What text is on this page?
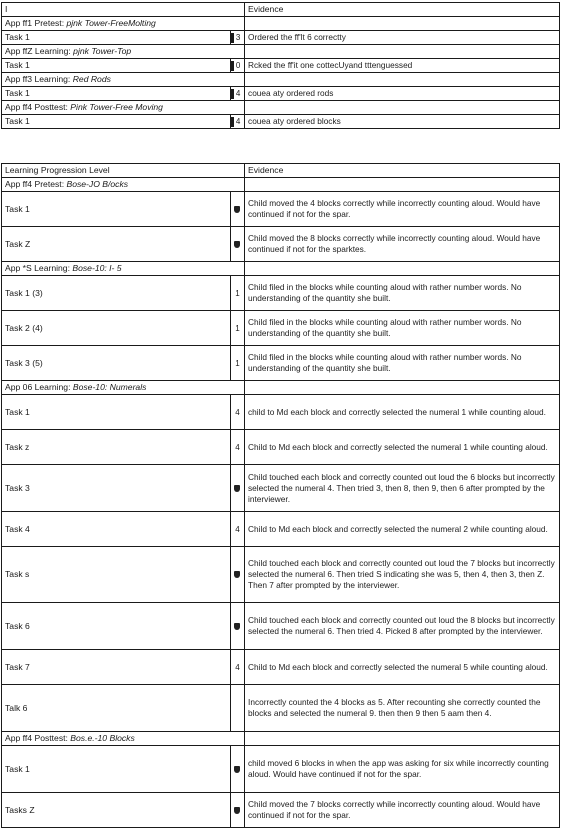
I		Evidence
App ff1 Pretest: pjnk Tower-FreeMolting		
Task 1	3	Ordered the ff'lt 6 correctty
App ffZ Learning: pjnk Tower-Top		
Task 1	0	Rcked the ff'it one cottecUyand tttenguessed
App ff3 Learning: Red Rods		
Task 1	4	couea aty ordered rods
App ff4 Posttest: Pink Tower-Free Moving		
Task 1	4	couea aty ordered blocks
Learning Progression Level		Evidence
App ff4 Pretest: Bose-JO B/ocks		
Task 1		Child moved the 4 blocks correctly while incorrectly counting aloud. Would have continued if not for the spar.
Task Z		Child moved the 8 blocks correctly while incorrectly counting aloud. Would have continued if not for the sparktes.
App *S Learning: Bose-10: I- 5		
Task 1 (3)	1	Child filed in the blocks while counting aloud with rather number words. No understanding of the quantity she built.
Task 2 (4)	1	Child filed in the blocks while counting aloud with rather number words. No understanding of the quantity she built.
Task 3 (5)	1	Child filed in the blocks while counting aloud with rather number words. No understanding of the quantity she built.
App 06 Learning: Bose-10: Numerals		
Task 1	4	child to Md each block and correctly selected the numeral 1 while counting aloud.
Task z	4	Child to Md each block and correctly selected the numeral 1 while counting aloud.
Task 3		Child touched each block and correctly counted out loud the 6 blocks but incorrectly selected the numeral 4. Then tried 3, then 8, then 9, then 6 after prompted by the interviewer.
Task 4	4	Child to Md each block and correctly selected the numeral 2 while counting aloud.
Task s		Child touched each block and correctly counted out loud the 7 blocks but incorrectly selected the numeral 6. Then tried S indicating she was 5, then 4, then 3, then Z. Then 7 after prompted by the interviewer.
Task 6		Child touched each block and correctly counted out loud the 8 blocks but incorrectly selected the numeral 6. Then tried 4. Picked 8 after prompted by the interviewer.
Task 7	4	Child to Md each block and correctly selected the numeral 5 while counting aloud.
Talk 6		Incorrectly counted the 4 blocks as 5. After recounting she correctly counted the blocks and selected the numeral 9. then then 9 then 5 aam then 4.
App ff4 Posttest: Bos.e.-10 Blocks		
Task 1		child moved 6 blocks in when the app was asking for six while incorrectly counting aloud. Would have continued if not for the spar.
Tasks Z		Child moved the 7 blocks correctly while incorrectly counting aloud. Would have continued if not for the spar.
